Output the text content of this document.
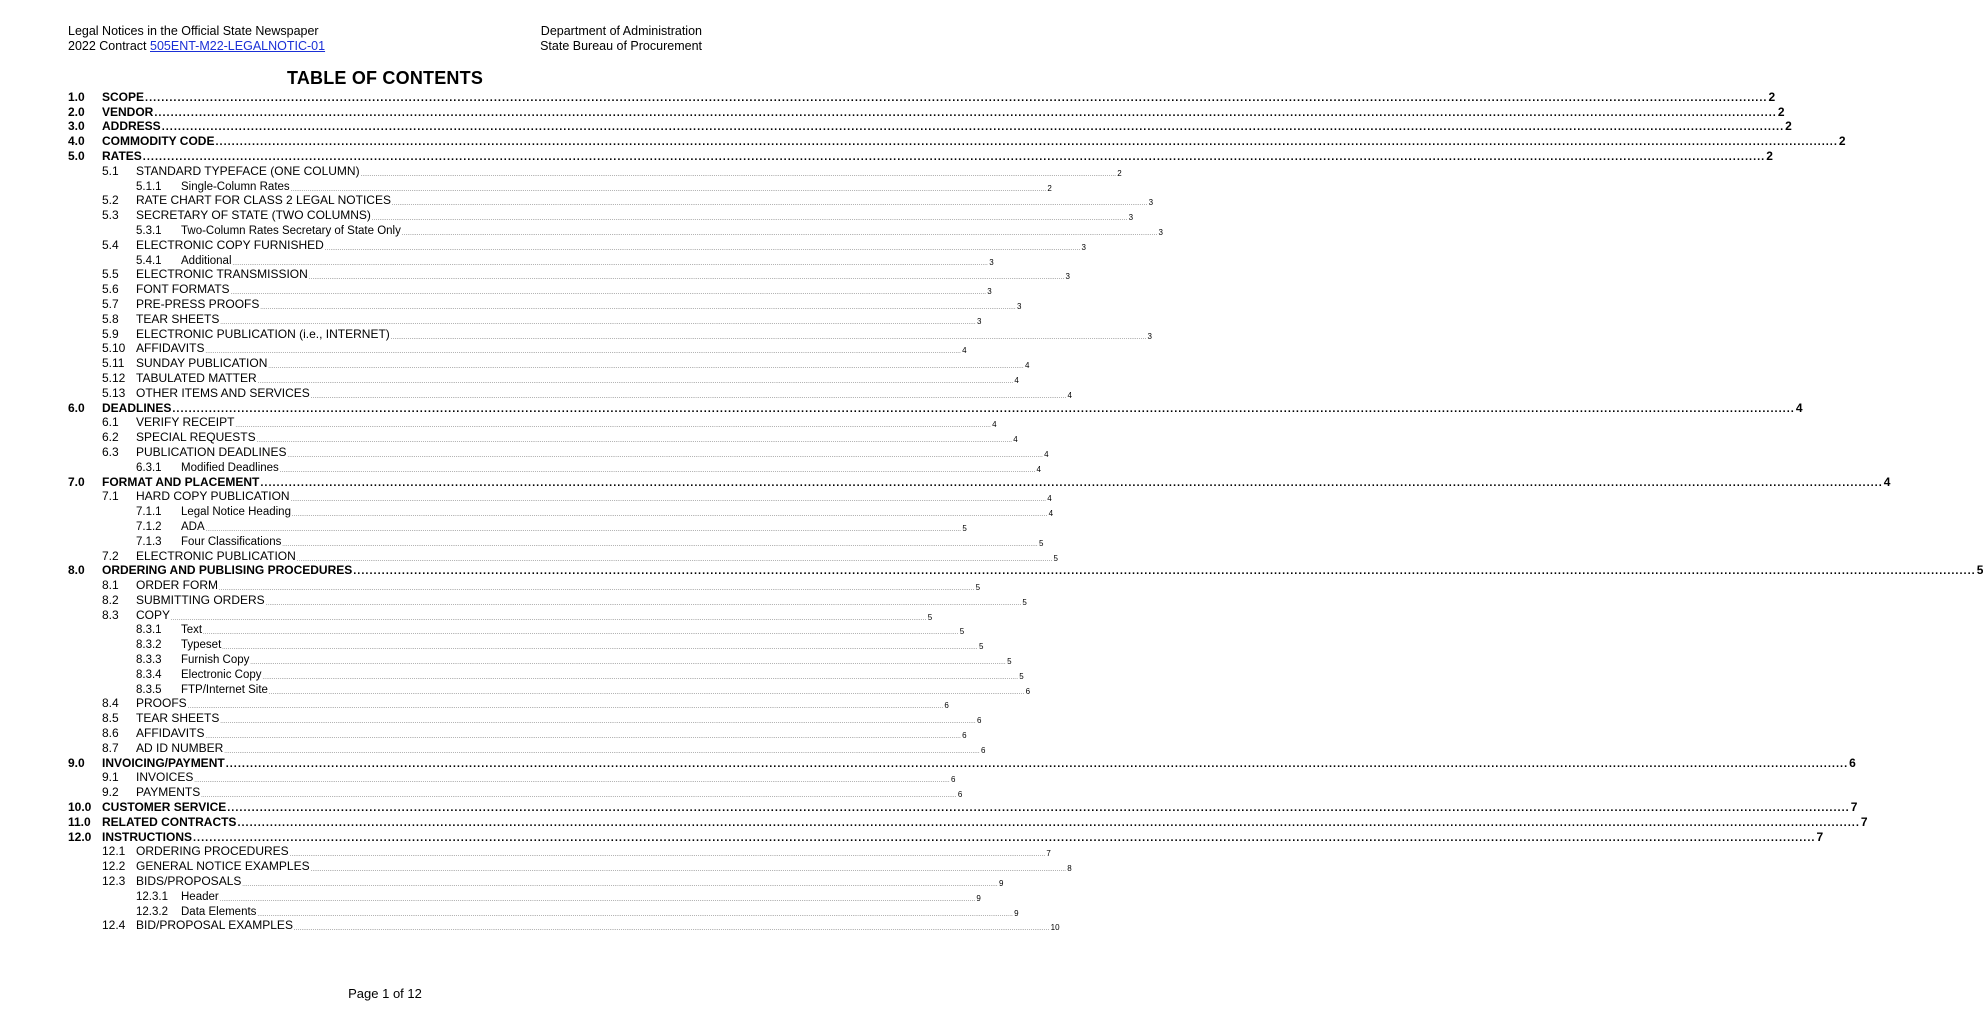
Legal Notices in the Official State Newspaper
2022 Contract 505ENT-M22-LEGALNOTIC-01
Department of Administration
State Bureau of Procurement
TABLE OF CONTENTS
1.0 SCOPE ................................................................................................................................................................................................................................................................................................................................................................................................................ 2
2.0 VENDOR ................................................................................................................................................................................................................................................................................................................................................................................................................ 2
3.0 ADDRESS ................................................................................................................................................................................................................................................................................................................................................................................................................ 2
4.0 COMMODITY CODE ................................................................................................................................................................................................................................................................................................................................................................................................................ 2
5.0 RATES ................................................................................................................................................................................................................................................................................................................................................................................................................ 2
5.1 STANDARD TYPEFACE (ONE COLUMN) ................................................................................................................................................................................................................................................................................................................................................................................................................ 2
5.1.1 Single-Column Rates ................................................................................................................................................................................................................................................................................................................................................................................................................ 2
5.2 RATE CHART FOR CLASS 2 LEGAL NOTICES ................................................................................................................................................................................................................................................................................................................................................................................................................ 3
5.3 SECRETARY OF STATE (TWO COLUMNS) ................................................................................................................................................................................................................................................................................................................................................................................................................ 3
5.3.1 Two-Column Rates Secretary of State Only ................................................................................................................................................................................................................................................................................................................................................................................................................ 3
5.4 ELECTRONIC COPY FURNISHED ................................................................................................................................................................................................................................................................................................................................................................................................................ 3
5.4.1 Additional ................................................................................................................................................................................................................................................................................................................................................................................................................ 3
5.5 ELECTRONIC TRANSMISSION ................................................................................................................................................................................................................................................................................................................................................................................................................ 3
5.6 FONT FORMATS ................................................................................................................................................................................................................................................................................................................................................................................................................ 3
5.7 PRE-PRESS PROOFS ................................................................................................................................................................................................................................................................................................................................................................................................................ 3
5.8 TEAR SHEETS ................................................................................................................................................................................................................................................................................................................................................................................................................ 3
5.9 ELECTRONIC PUBLICATION (i.e., INTERNET) ................................................................................................................................................................................................................................................................................................................................................................................................................ 3
5.10 AFFIDAVITS ................................................................................................................................................................................................................................................................................................................................................................................................................ 4
5.11 SUNDAY PUBLICATION ................................................................................................................................................................................................................................................................................................................................................................................................................ 4
5.12 TABULATED MATTER ................................................................................................................................................................................................................................................................................................................................................................................................................ 4
5.13 OTHER ITEMS AND SERVICES ................................................................................................................................................................................................................................................................................................................................................................................................................ 4
6.0 DEADLINES ................................................................................................................................................................................................................................................................................................................................................................................................................ 4
6.1 VERIFY RECEIPT ................................................................................................................................................................................................................................................................................................................................................................................................................ 4
6.2 SPECIAL REQUESTS ................................................................................................................................................................................................................................................................................................................................................................................................................ 4
6.3 PUBLICATION DEADLINES ................................................................................................................................................................................................................................................................................................................................................................................................................ 4
6.3.1 Modified Deadlines ................................................................................................................................................................................................................................................................................................................................................................................................................ 4
7.0 FORMAT AND PLACEMENT ................................................................................................................................................................................................................................................................................................................................................................................................................ 4
7.1 HARD COPY PUBLICATION ................................................................................................................................................................................................................................................................................................................................................................................................................ 4
7.1.1 Legal Notice Heading ................................................................................................................................................................................................................................................................................................................................................................................................................ 4
7.1.2 ADA ................................................................................................................................................................................................................................................................................................................................................................................................................ 5
7.1.3 Four Classifications ................................................................................................................................................................................................................................................................................................................................................................................................................ 5
7.2 ELECTRONIC PUBLICATION ................................................................................................................................................................................................................................................................................................................................................................................................................ 5
8.0 ORDERING AND PUBLISING PROCEDURES ................................................................................................................................................................................................................................................................................................................................................................................................................ 5
8.1 ORDER FORM ................................................................................................................................................................................................................................................................................................................................................................................................................ 5
8.2 SUBMITTING ORDERS ................................................................................................................................................................................................................................................................................................................................................................................................................ 5
8.3 COPY ................................................................................................................................................................................................................................................................................................................................................................................................................ 5
8.3.1 Text ................................................................................................................................................................................................................................................................................................................................................................................................................ 5
8.3.2 Typeset ................................................................................................................................................................................................................................................................................................................................................................................................................ 5
8.3.3 Furnish Copy ................................................................................................................................................................................................................................................................................................................................................................................................................ 5
8.3.4 Electronic Copy ................................................................................................................................................................................................................................................................................................................................................................................................................ 5
8.3.5 FTP/Internet Site ................................................................................................................................................................................................................................................................................................................................................................................................................ 6
8.4 PROOFS ................................................................................................................................................................................................................................................................................................................................................................................................................ 6
8.5 TEAR SHEETS ................................................................................................................................................................................................................................................................................................................................................................................................................ 6
8.6 AFFIDAVITS ................................................................................................................................................................................................................................................................................................................................................................................................................ 6
8.7 AD ID NUMBER ................................................................................................................................................................................................................................................................................................................................................................................................................ 6
9.0 INVOICING/PAYMENT ................................................................................................................................................................................................................................................................................................................................................................................................................ 6
9.1 INVOICES ................................................................................................................................................................................................................................................................................................................................................................................................................ 6
9.2 PAYMENTS ................................................................................................................................................................................................................................................................................................................................................................................................................ 6
10.0 CUSTOMER SERVICE ................................................................................................................................................................................................................................................................................................................................................................................................................ 7
11.0 RELATED CONTRACTS ................................................................................................................................................................................................................................................................................................................................................................................................................ 7
12.0 INSTRUCTIONS ................................................................................................................................................................................................................................................................................................................................................................................................................ 7
12.1 ORDERING PROCEDURES ................................................................................................................................................................................................................................................................................................................................................................................................................ 7
12.2 GENERAL NOTICE EXAMPLES ................................................................................................................................................................................................................................................................................................................................................................................................................ 8
12.3 BIDS/PROPOSALS ................................................................................................................................................................................................................................................................................................................................................................................................................ 9
12.3.1 Header ................................................................................................................................................................................................................................................................................................................................................................................................................ 9
12.3.2 Data Elements ................................................................................................................................................................................................................................................................................................................................................................................................................ 9
12.4 BID/PROPOSAL EXAMPLES ................................................................................................................................................................................................................................................................................................................................................................................................................ 10
Page 1 of 12
